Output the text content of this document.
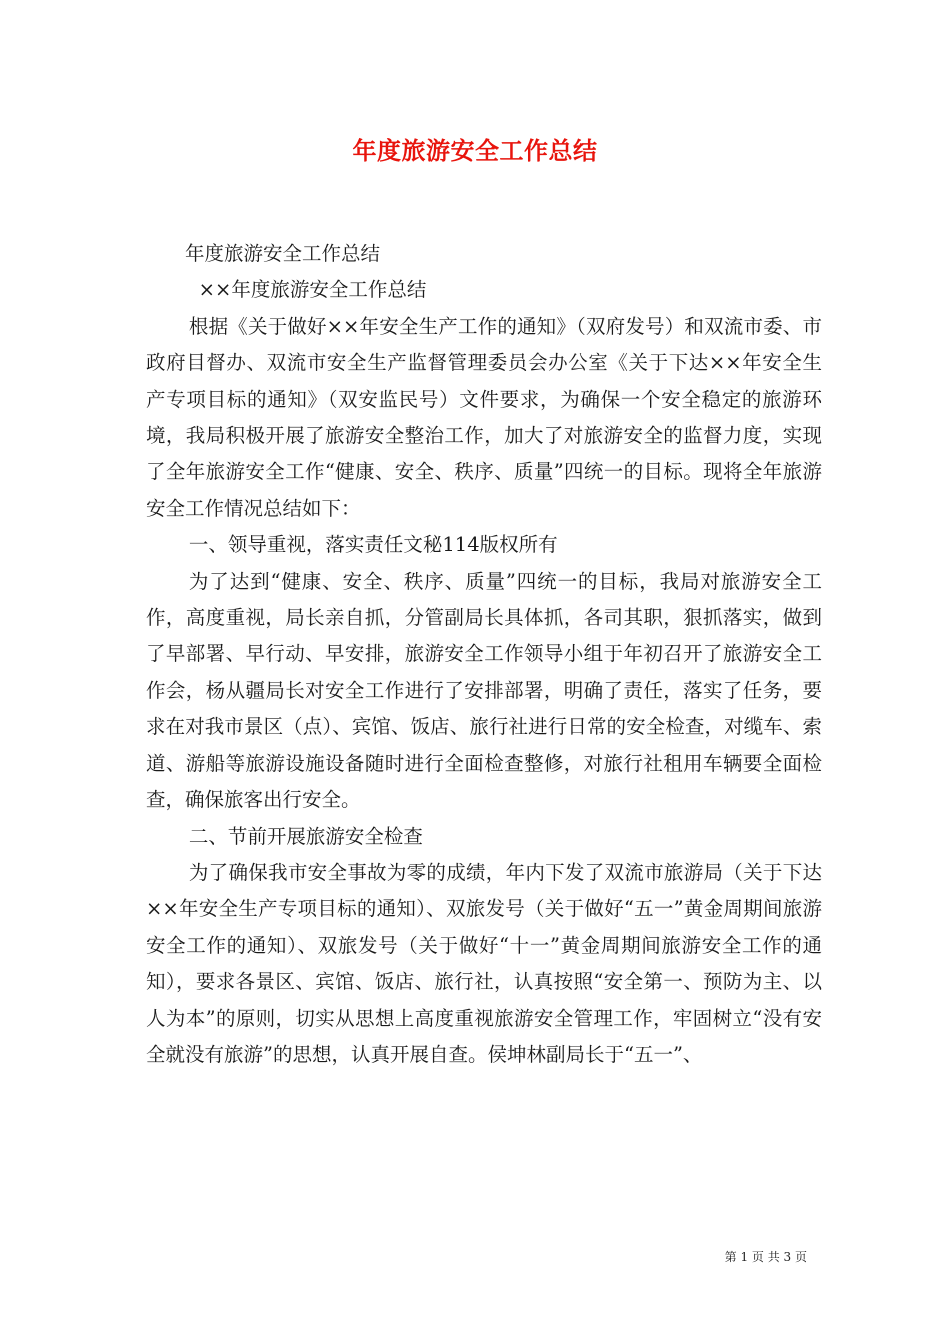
年度旅游安全工作总结

年度旅游安全工作总结

××年度旅游安全工作总结

根据《关于做好××年安全生产工作的通知》（双府发号）和双流市委、市政府目督办、双流市安全生产监督管理委员会办公室《关于下达××年安全生产专项目标的通知》（双安监民号）文件要求，为确保一个安全稳定的旅游环境，我局积极开展了旅游安全整治工作，加大了对旅游安全的监督力度，实现了全年旅游安全工作“健康、安全、秩序、质量”四统一的目标。现将全年旅游安全工作情况总结如下：

一、领导重视，落实责任文秘114版权所有

为了达到“健康、安全、秩序、质量”四统一的目标，我局对旅游安全工作，高度重视，局长亲自抓，分管副局长具体抓，各司其职，狠抓落实，做到了早部署、早行动、早安排，旅游安全工作领导小组于年初召开了旅游安全工作会，杨从疆局长对安全工作进行了安排部署，明确了责任，落实了任务，要求在对我市景区（点）、宾馆、饭店、旅行社进行日常的安全检查，对缆车、索道、游船等旅游设施设备随时进行全面检查整修，对旅行社租用车辆要全面检查，确保旅客出行安全。

二、节前开展旅游安全检查

为了确保我市安全事故为零的成绩，年内下发了双流市旅游局（关于下达××年安全生产专项目标的通知）、双旅发号（关于做好“五一”黄金周期间旅游安全工作的通知）、双旅发号（关于做好“十一”黄金周期间旅游安全工作的通知），要求各景区、宾馆、饭店、旅行社，认真按照“安全第一、预防为主、以人为本”的原则，切实从思想上高度重视旅游安全管理工作，牢固树立“没有安全就没有旅游”的思想，认真开展自查。侯坤林副局长于“五一”、

第 1 页 共 3 页
